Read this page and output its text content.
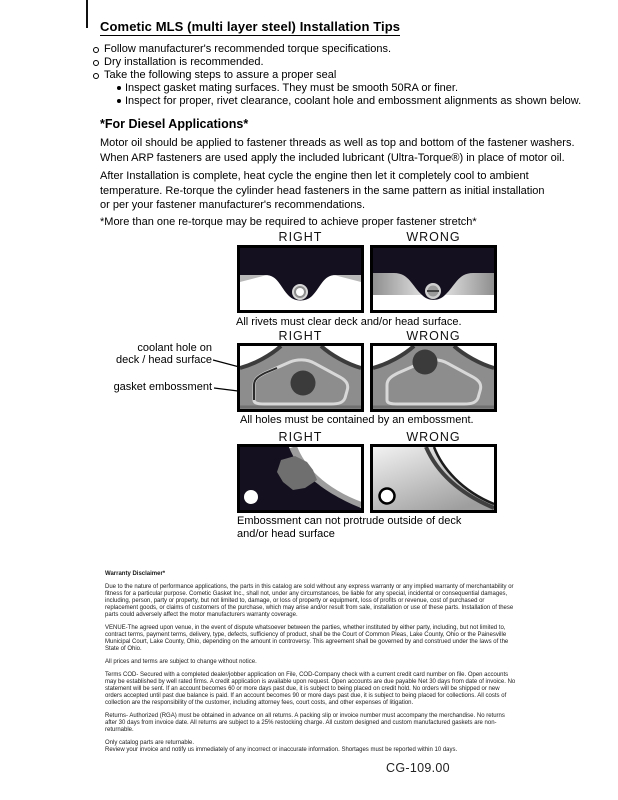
Cometic MLS (multi layer steel) Installation Tips
Follow manufacturer's recommended torque specifications.
Dry installation is recommended.
Take the following steps to assure a proper seal
Inspect gasket mating surfaces. They must be smooth 50RA or finer.
Inspect for proper, rivet clearance, coolant hole and embossment alignments as shown below.
*For Diesel Applications*
Motor oil should be applied to fastener threads as well as top and bottom of the fastener washers.
When ARP fasteners are used apply the included lubricant (Ultra-Torque®) in place of motor oil.
After Installation is complete, heat cycle the engine then let it completely cool to ambient
temperature. Re-torque the cylinder head fasteners in the same pattern as initial installation
or per your fastener manufacturer's recommendations.
*More than one re-torque may be required to achieve proper fastener stretch*
RIGHT	WRONG
All rivets must clear deck and/or head surface.
RIGHT	WRONG
coolant hole on
deck / head surface
gasket embossment
All holes must be contained by an embossment.
RIGHT	WRONG
Embossment can not protrude outside of deck
and/or head surface

Warranty Disclaimer*

Due to the nature of performance applications, the parts in this catalog are sold without any express warranty or any implied warranty of merchantability or fitness for a particular purpose. Cometic Gasket Inc., shall not, under any circumstances, be liable for any special, incidental or consequential damages, including, person, party or property, but not limited to, damage, or loss of property or equipment, loss of profits or revenue, cost of purchased or replacement goods, or claims of customers of the purchase, which may arise and/or result from sale, installation or use of these parts. Installation of these parts could adversely affect the motor manufacturers warranty coverage.

VENUE-The agreed upon venue, in the event of dispute whatsoever between the parties, whether instituted by either party, including, but not limited to, contract terms, payment terms, delivery, type, defects, sufficiency of product, shall be the Court of Common Pleas, Lake County, Ohio or the Painesville Municipal Court, Lake County, Ohio, depending on the amount in controversy. This agreement shall be governed by and construed under the laws of the State of Ohio.

All prices and terms are subject to change without notice.

Terms COD- Secured with a completed dealer/jobber application on File, COD-Company check with a current credit card number on file. Open accounts may be established by well rated firms. A credit application is available upon request. Open accounts are due payable Net 30 days from date of invoice. No statement will be sent. If an account becomes 60 or more days past due, it is subject to being placed on credit hold. No orders will be shipped or new orders accepted until past due balance is paid. If an account becomes 90 or more days past due, it is subject to being placed for collections. All costs of collection are the responsibility of the customer, including attorney fees, court costs, and other expenses of litigation.

Returns- Authorized (RGA) must be obtained in advance on all returns. A packing slip or invoice number must accompany the merchandise. No returns after 30 days from invoice date. All returns are subject to a 25% restocking charge. All custom designed and custom manufactured gaskets are non-returnable.

Only catalog parts are returnable.

Review your invoice and notify us immediately of any incorrect or inaccurate information. Shortages must be reported within 10 days.

CG-109.00
